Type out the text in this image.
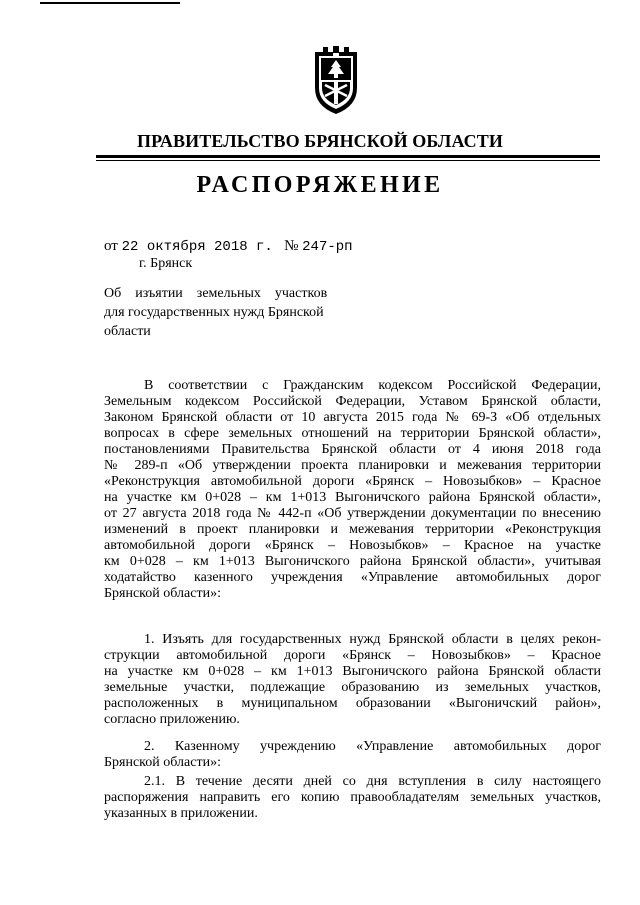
ПРАВИТЕЛЬСТВО БРЯНСКОЙ ОБЛАСТИ
РАСПОРЯЖЕНИЕ
от 22 октября 2018 г. № 247-рп
г. Брянск
Об    изъятии    земельных    участков
для государственных нужд Брянской
области
В соответствии с Гражданским кодексом Российской Федерации,
Земельным кодексом Российской Федерации, Уставом Брянской области,
Законом Брянской области от 10 августа 2015 года № 69-З «Об отдельных
вопросах в сфере земельных отношений на территории Брянской области»,
постановлениями Правительства Брянской области от 4 июня 2018 года
№ 289-п «Об утверждении проекта планировки и межевания территории
«Реконструкция автомобильной дороги «Брянск – Новозыбков» – Красное
на участке км 0+028 – км 1+013 Выгоничского района Брянской области»,
от 27 августа 2018 года № 442-п «Об утверждении документации по внесению
изменений в проект планировки и межевания территории «Реконструкция
автомобильной дороги «Брянск – Новозыбков» – Красное на участке
км 0+028 – км 1+013 Выгоничского района Брянской области», учитывая
ходатайство казенного учреждения «Управление автомобильных дорог
Брянской области»:
1. Изъять для государственных нужд Брянской области в целях рекон-
струкции автомобильной дороги «Брянск – Новозыбков» – Красное
на участке км 0+028 – км 1+013 Выгоничского района Брянской области
земельные участки, подлежащие образованию из земельных участков,
расположенных в муниципальном образовании «Выгоничский район»,
согласно приложению.
2. Казенному учреждению «Управление автомобильных дорог
Брянской области»:
2.1. В течение десяти дней со дня вступления в силу настоящего
распоряжения направить его копию правообладателям земельных участков,
указанных в приложении.
